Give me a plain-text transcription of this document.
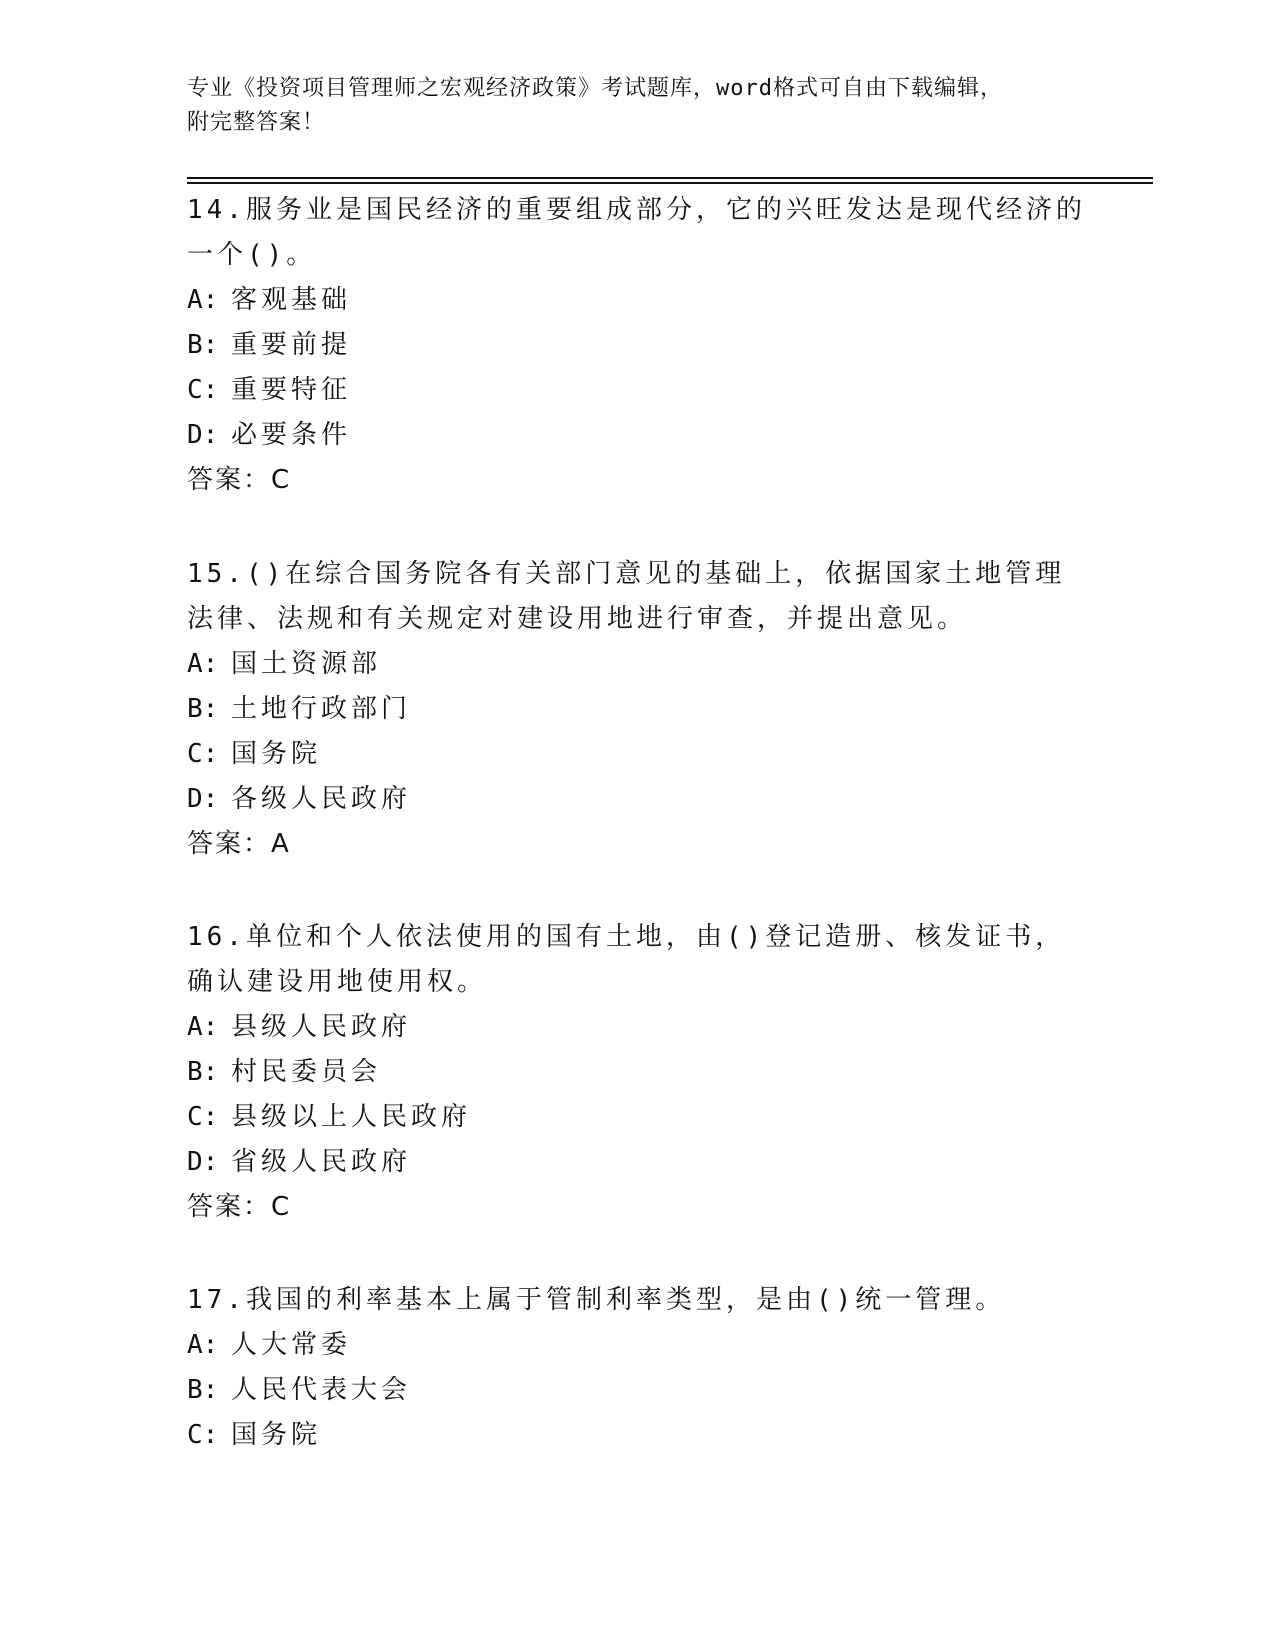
专业《投资项目管理师之宏观经济政策》考试题库，word格式可自由下载编辑，
附完整答案！

14.服务业是国民经济的重要组成部分，它的兴旺发达是现代经济的一个()。

A: 客观基础

B: 重要前提

C: 重要特征

D: 必要条件

答案：C

15.()在综合国务院各有关部门意见的基础上，依据国家土地管理法律、法规和有关规定对建设用地进行审查，并提出意见。

A: 国土资源部

B: 土地行政部门

C: 国务院

D: 各级人民政府

答案：A

16.单位和个人依法使用的国有土地，由()登记造册、核发证书，确认建设用地使用权。

A: 县级人民政府

B: 村民委员会

C: 县级以上人民政府

D: 省级人民政府

答案：C

17.我国的利率基本上属于管制利率类型，是由()统一管理。

A: 人大常委

B: 人民代表大会

C: 国务院
